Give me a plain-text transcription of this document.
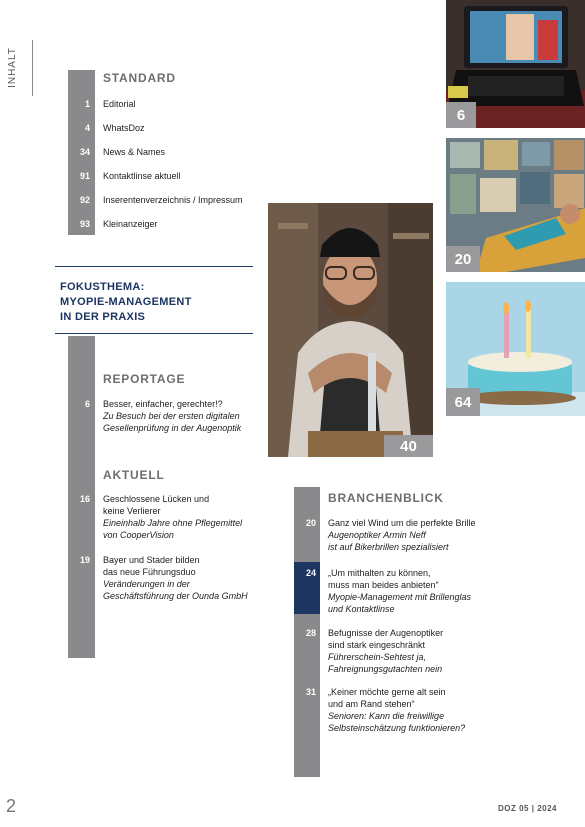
INHALT	STANDARD
1 Editorial
4 WhatsDoz
34 News & Names
91 Kontaktlinse aktuell
92 Inserentenverzeichnis / Impressum
93 Kleinanzeiger
FOKUSTHEMA:
MYOPIE-MANAGEMENT
IN DER PRAXIS
REPORTAGE
6 Besser, einfacher, gerechter!?
Zu Besuch bei der ersten digitalen
Gesellenprüfung in der Augenoptik
AKTUELL
16 Geschlossene Lücken und
keine Verlierer
Eineinhalb Jahre ohne Pflegemittel
von CooperVision
19 Bayer und Stader bilden
das neue Führungsduo
Veränderungen in der
Geschäftsführung der Ounda GmbH
6
20
64
40
BRANCHENBLICK
20 Ganz viel Wind um die perfekte Brille
Augenoptiker Armin Neff
ist auf Bikerbrillen spezialisiert
24 „Um mithalten zu können,
muss man beides anbieten“
Myopie-Management mit Brillenglas
und Kontaktlinse
28 Befugnisse der Augenoptiker
sind stark eingeschränkt
Führerschein-Sehtest ja,
Fahreignungsgutachten nein
31 „Keiner möchte gerne alt sein
und am Rand stehen“
Senioren: Kann die freiwillige
Selbsteinschätzung funktionieren?
2	DOZ 05 | 2024
